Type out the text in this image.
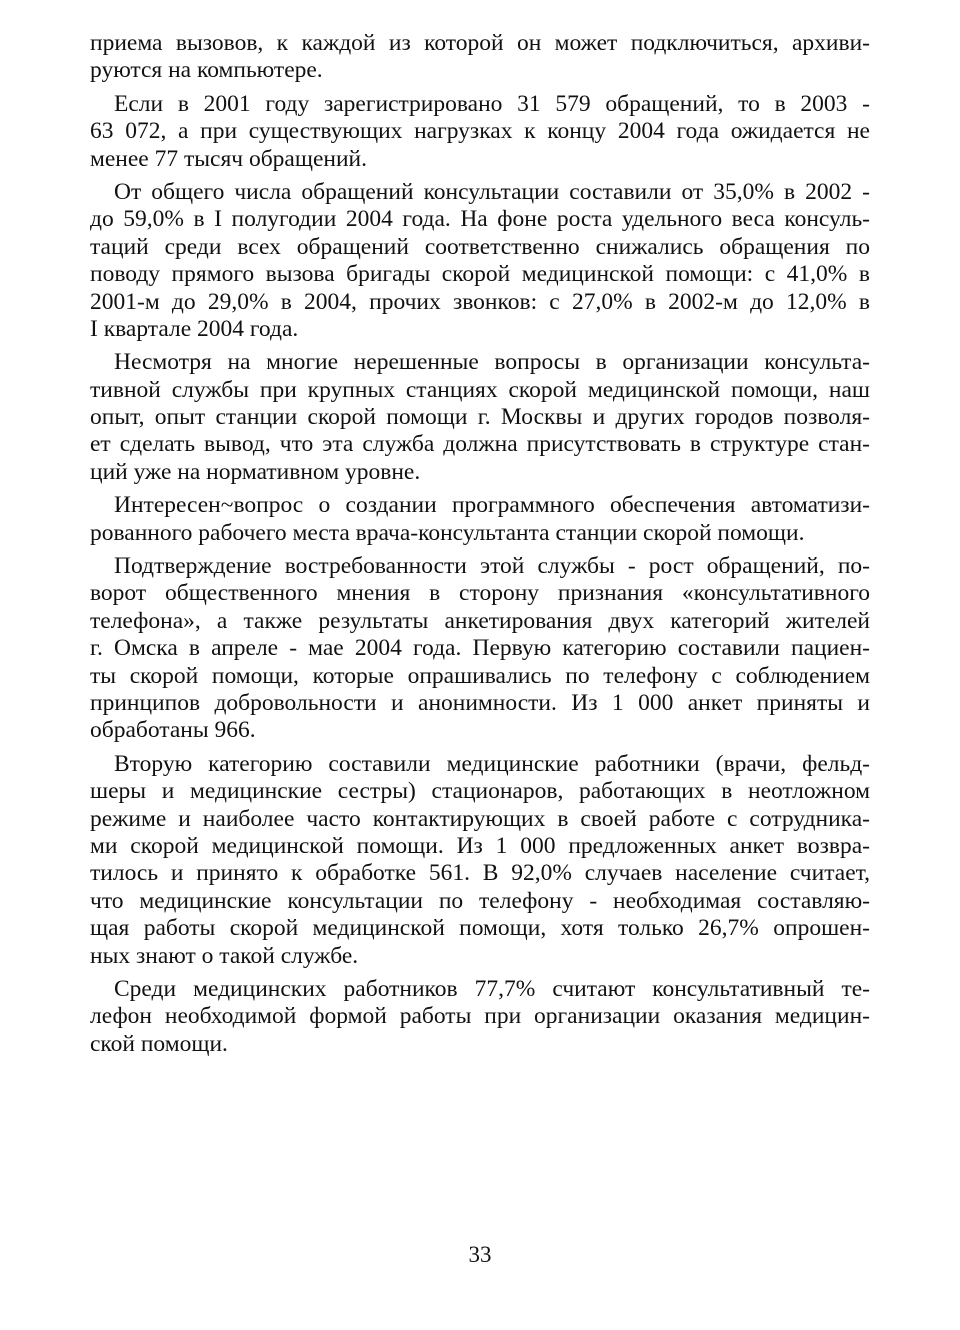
приема вызовов, к каждой из которой он может подключиться, архиви-
руются на компьютере.
Если в 2001 году зарегистрировано 31 579 обращений, то в 2003 -
63 072, а при существующих нагрузках к концу 2004 года ожидается не
менее 77 тысяч обращений.
От общего числа обращений консультации составили от 35,0% в 2002 -
до 59,0% в I полугодии 2004 года. На фоне роста удельного веса консуль-
таций среди всех обращений соответственно снижались обращения по
поводу прямого вызова бригады скорой медицинской помощи: с 41,0% в
2001-м до 29,0% в 2004, прочих звонков: с 27,0% в 2002-м до 12,0% в
I квартале 2004 года.
Несмотря на многие нерешенные вопросы в организации консульта-
тивной службы при крупных станциях скорой медицинской помощи, наш
опыт, опыт станции скорой помощи г. Москвы и других городов позволя-
ет сделать вывод, что эта служба должна присутствовать в структуре стан-
ций уже на нормативном уровне.
Интересен~вопрос о создании программного обеспечения автоматизи-
рованного рабочего места врача-консультанта станции скорой помощи.
Подтверждение востребованности этой службы - рост обращений, по-
ворот общественного мнения в сторону признания «консультативного
телефона», а также результаты анкетирования двух категорий жителей
г. Омска в апреле - мае 2004 года. Первую категорию составили пациен-
ты скорой помощи, которые опрашивались по телефону с соблюдением
принципов добровольности и анонимности. Из 1 000 анкет приняты и
обработаны 966.
Вторую категорию составили медицинские работники (врачи, фельд-
шеры и медицинские сестры) стационаров, работающих в неотложном
режиме и наиболее часто контактирующих в своей работе с сотрудника-
ми скорой медицинской помощи. Из 1 000 предложенных анкет возвра-
тилось и принято к обработке 561. В 92,0% случаев население считает,
что медицинские консультации по телефону - необходимая составляю-
щая работы скорой медицинской помощи, хотя только 26,7% опрошен-
ных знают о такой службе.
Среди медицинских работников 77,7% считают консультативный те-
лефон необходимой формой работы при организации оказания медицин-
ской помощи.
33
